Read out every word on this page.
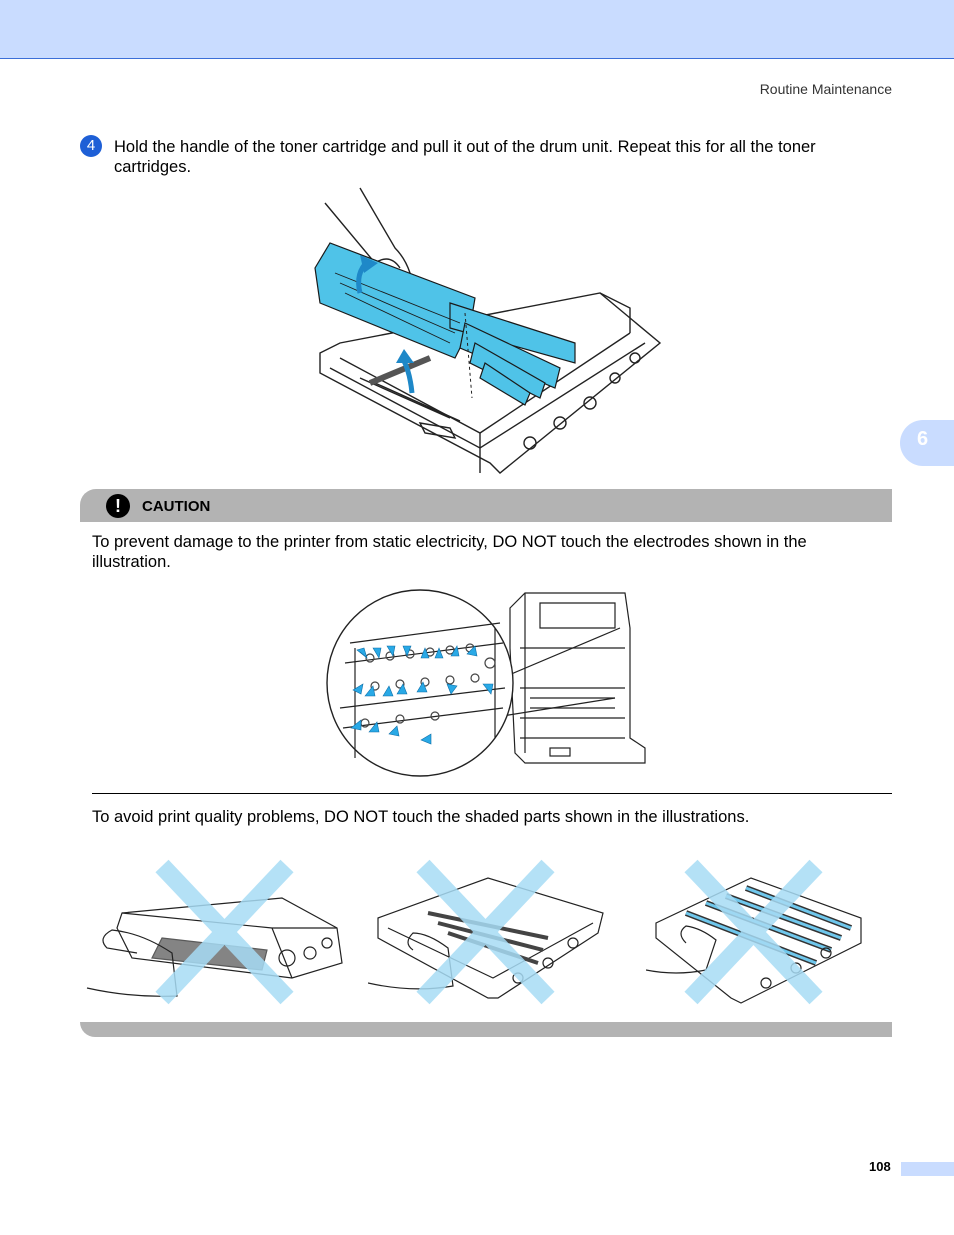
Routine Maintenance
6
4	Hold the handle of the toner cartridge and pull it out of the drum unit. Repeat this for all the toner cartridges.
!	CAUTION
To prevent damage to the printer from static electricity, DO NOT touch the electrodes shown in the illustration.
To avoid print quality problems, DO NOT touch the shaded parts shown in the illustrations.
108
